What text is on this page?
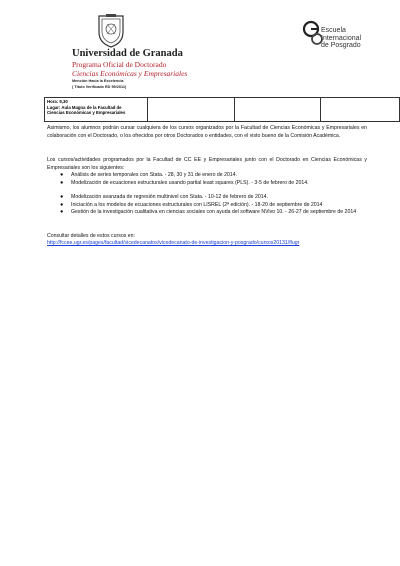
Universidad de Granada
Programa Oficial de Doctorado
Ciencias Económicas y Empresariales
Mención Hacia la Excelencia
( Título Verificado RD 99/2011)
Escuela
Internacional
de Posgrado
Hora: 9,30
Lugar: Aula Magna de la Facultad de
Ciencias Económicas y Empresariales

Asimismo, los alumnos podrán cursar cualquiera de los cursos organizados por la Facultad de Ciencias Económicas y Empresariales en colaboración con el Doctorado, o los ofrecidos por otros Doctorados o entidades, con el visto bueno de la Comisión Académica.
Los cursos/actividades programados por la Facultad de CC EE y Empresariales junto con el Doctorado en Ciencias Económicas y Empresariales son los siguientes:
● Análisis de series temporales con Stata. - 28, 30 y 31 de enero de 2014.
● Modelización de ecuaciones estructurales usando partial least squares (PLS). - 3-5 de febrero de 2014.
● Modelización avanzada de regresión multinivel con Stata. - 10-12 de febrero de 2014.
● Iniciación a los modelos de ecuaciones estructurales con LISREL (2ª edición). - 18-20 de septiembre de 2014
● Gestión de la investigación cualitativa en ciencias sociales con ayuda del software NVivo 10. - 26-27 de septiembre de 2014
Consultar detalles de estos cursos en:
http://fccee.ugr.es/pages/facultad/vicedecanatos/vicedecanato-de-investigacion-y-posgrado/cursos20131/flugr
